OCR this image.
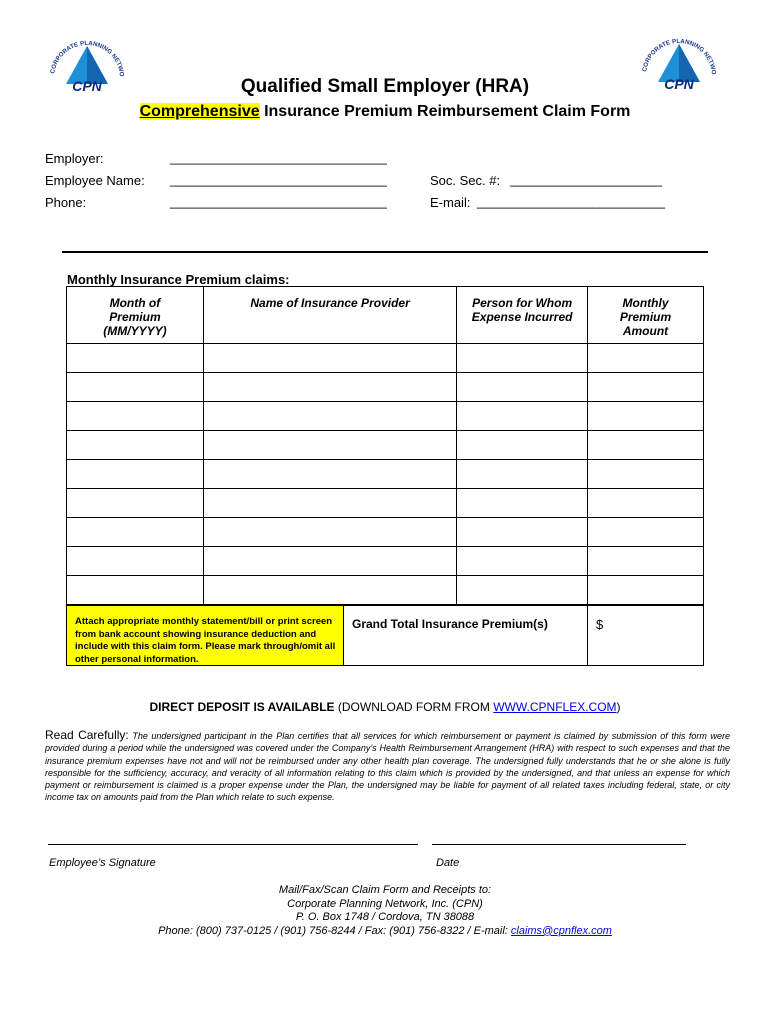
CORPORATE PLANNING NETWO
CPN
CORPORATE PLANNING NETWO
CPN
Qualified Small Employer (HRA)
Comprehensive Insurance Premium Reimbursement Claim Form
Employer:	______________________________
Employee Name: ______________________________	Soc. Sec. #: _____________________
Phone:	______________________________	E-mail: __________________________
Monthly Insurance Premium claims:
Month of Premium (MM/YYYY)	Name of Insurance Provider	Person for Whom Expense Incurred	Monthly Premium Amount

Attach appropriate monthly statement/bill or print screen from bank account showing insurance deduction and include with this claim form. Please mark through/omit all other personal information.
Grand Total Insurance Premium(s)	$
DIRECT DEPOSIT IS AVAILABLE (DOWNLOAD FORM FROM WWW.CPNFLEX.COM)
Read Carefully: The undersigned participant in the Plan certifies that all services for which reimbursement or payment is claimed by submission of this form were provided during a period while the undersigned was covered under the Company’s Health Reimbursement Arrangement (HRA) with respect to such expenses and that the insurance premium expenses have not and will not be reimbursed under any other health plan coverage. The undersigned fully understands that he or she alone is fully responsible for the sufficiency, accuracy, and veracity of all information relating to this claim which is provided by the undersigned, and that unless an expense for which payment or reimbursement is claimed is a proper expense under the Plan, the undersigned may be liable for payment of all related taxes including federal, state, or city income tax on amounts paid from the Plan which relate to such expense.
Employee’s Signature	Date
Mail/Fax/Scan Claim Form and Receipts to:
Corporate Planning Network, Inc. (CPN)
P. O. Box 1748 / Cordova, TN 38088
Phone: (800) 737-0125 / (901) 756-8244 / Fax: (901) 756-8322 / E-mail: claims@cpnflex.com
